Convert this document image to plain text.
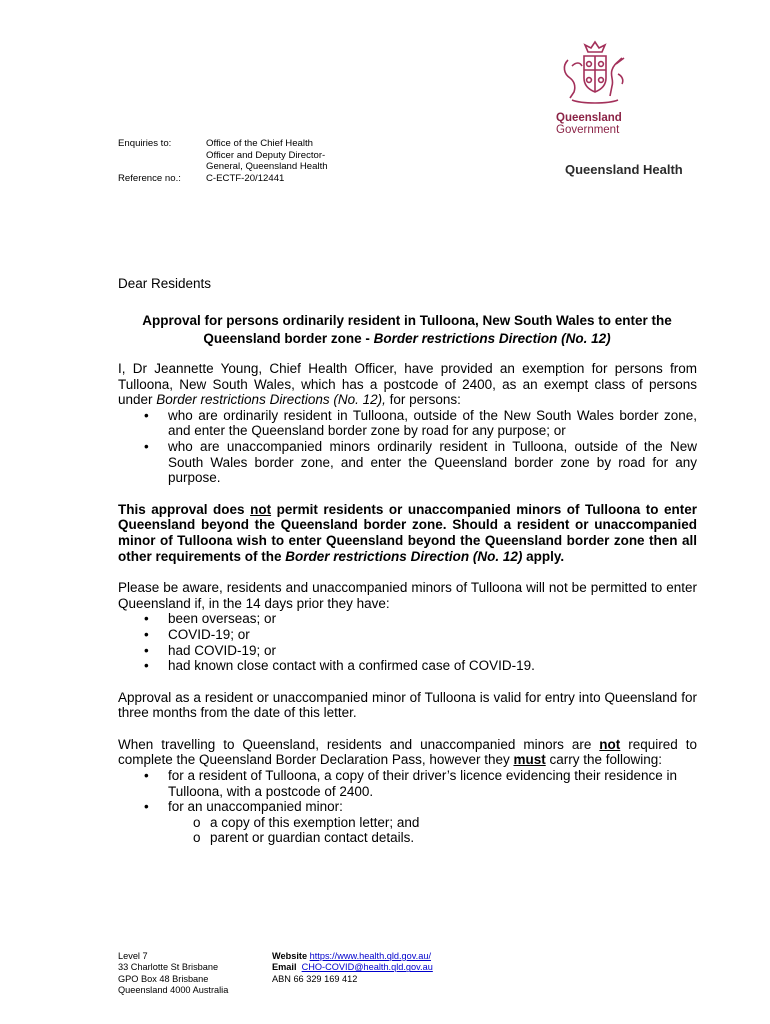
Queensland
Government
Queensland Health
Enquiries to:	Office of the Chief Health
Officer and Deputy Director-
General, Queensland Health
C-ECTF-20/12441
Reference no.:
Dear Residents
Approval for persons ordinarily resident in Tulloona, New South Wales to enter the
Queensland border zone - Border restrictions Direction (No. 12)
I, Dr Jeannette Young, Chief Health Officer, have provided an exemption for persons from Tulloona, New South Wales, which has a postcode of 2400, as an exempt class of persons under Border restrictions Directions (No. 12), for persons:
• who are ordinarily resident in Tulloona, outside of the New South Wales border zone, and enter the Queensland border zone by road for any purpose; or
• who are unaccompanied minors ordinarily resident in Tulloona, outside of the New South Wales border zone, and enter the Queensland border zone by road for any purpose.
This approval does not permit residents or unaccompanied minors of Tulloona to enter Queensland beyond the Queensland border zone. Should a resident or unaccompanied minor of Tulloona wish to enter Queensland beyond the Queensland border zone then all other requirements of the Border restrictions Direction (No. 12) apply.
Please be aware, residents and unaccompanied minors of Tulloona will not be permitted to enter Queensland if, in the 14 days prior they have:
• been overseas; or
• COVID-19; or
• had COVID-19; or
• had known close contact with a confirmed case of COVID-19.
Approval as a resident or unaccompanied minor of Tulloona is valid for entry into Queensland for three months from the date of this letter.
When travelling to Queensland, residents and unaccompanied minors are not required to complete the Queensland Border Declaration Pass, however they must carry the following:
• for a resident of Tulloona, a copy of their driver’s licence evidencing their residence in Tulloona, with a postcode of 2400.
• for an unaccompanied minor:
o a copy of this exemption letter; and
o parent or guardian contact details.
Level 7
33 Charlotte St Brisbane
GPO Box 48 Brisbane
Queensland 4000 Australia
Website https://www.health.qld.gov.au/
Email CHO-COVID@health.qld.gov.au
ABN 66 329 169 412
